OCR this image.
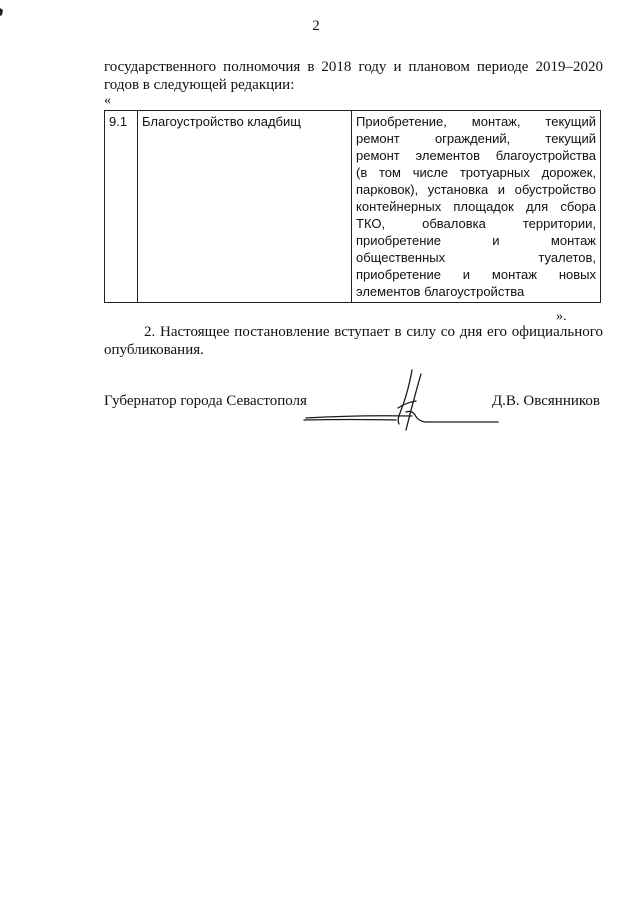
2
государственного полномочия в 2018 году и плановом периоде 2019–2020
годов в следующей редакции:
«
9.1	Благоустройство кладбищ	Приобретение, монтаж, текущий
ремонт ограждений, текущий
ремонт элементов благоустройства
(в том числе тротуарных дорожек,
парковок), установка и обустройство
контейнерных площадок для сбора
ТКО, обваловка территории,
приобретение и монтаж
общественных туалетов,
приобретение и монтаж новых
элементов благоустройства
».
2. Настоящее постановление вступает в силу со дня его официального
опубликования.
Губернатор города Севастополя	Д.В. Овсянников
